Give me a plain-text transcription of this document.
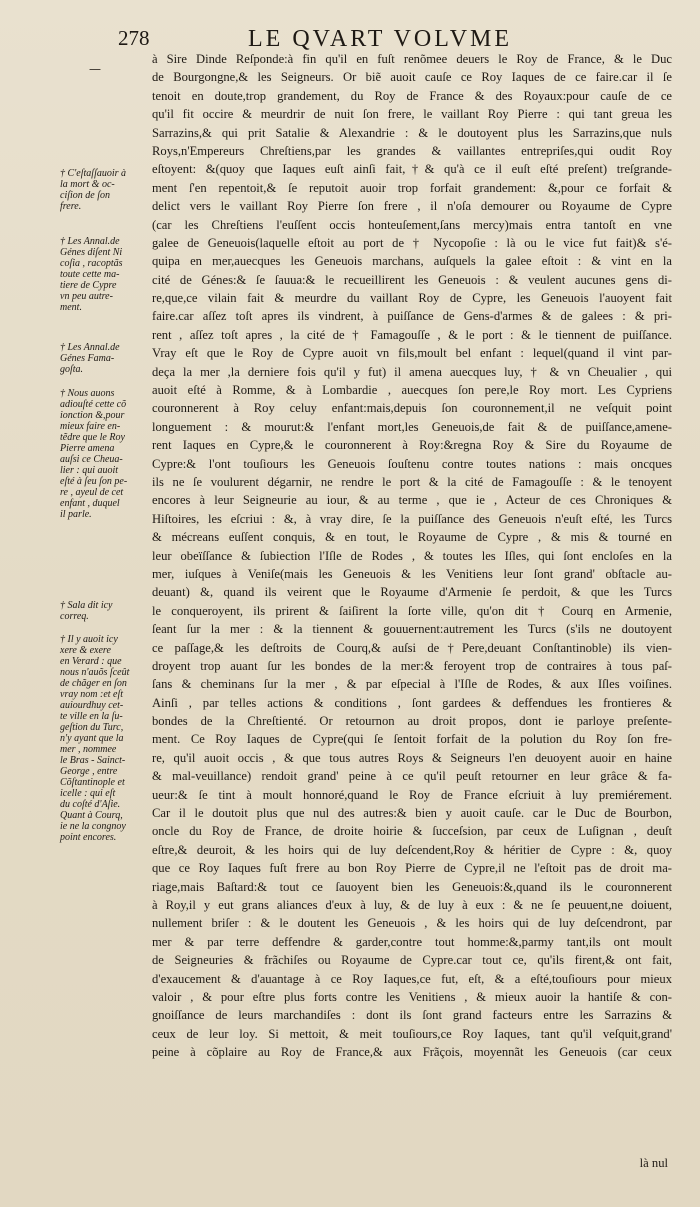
278	LE QVART VOLVME
—
† C'eſtaſſauoir à
la mort & oc-
ciſion de ſon
frere.
† Les Annal.de
Génes diſent Ni
coſia , racoptãs
toute cette ma-
tiere de Cypre
vn peu autre-
ment.
† Les Annal.de
Génes Fama-
goſta.
† Nous auons
adiouſté cette cõ
ionction &,pour
mieux faire en-
tẽdre que le Roy
Pierre amena
auſsi ce Cheua-
lier : qui auoit
eſté à ſeu ſon pe-
re , ayeul de cet
enfant , duquel
il parle.
† Sala dit icy
correq.
† Il y auoit icy
xere & exere
en Verard : que
nous n'auõs ſceût
de chãger en ſon
vray nom :et eſt
auiourdhuy cet-
te ville en la ſu-
geſtion du Turc,
n'y ayant que la
mer , nommee
le Bras - Sainct-
George , entre
Cõſtantinople et
icelle : qui eſt
du coſté d'Aſie.
Quant à Courq,
ie ne la congnoy
point encores.
à Sire Dinde Reſponde:à fin qu'il en fuſt renõmee deuers le Roy de France, & le Duc
de Bourgongne,& les Seigneurs. Or biẽ auoit cauſe ce Roy Iaques de ce faire.car il ſe
tenoit en doute,trop grandement, du Roy de France & des Royaux:pour cauſe de ce
qu'il fit occire & meurdrir de nuit ſon frere, le vaillant Roy Pierre : qui tant greua les
Sarrazins,& qui prit Satalie & Alexandrie : & le doutoyent plus les Sarrazins,que nuls
Roys,n'Empereurs Chreſtiens,par les grandes & vaillantes entrepriſes,qui oudit Roy
eſtoyent: &(quoy que Iaques euſt ainſi fait,†& qu'à ce il euſt eſté preſent) treſgrande-
ment ſ'en repentoit,& ſe reputoit auoir trop forfait grandement: &,pour ce forfait &
delict vers le vaillant Roy Pierre ſon frere , il n'oſa demourer ou Royaume de Cypre
(car les Chreſtiens l'euſſent occis honteuſement,ſans mercy)mais entra tantoſt en vne
galee de Geneuois(laquelle eſtoit au port de † Nycopoſie : là ou le vice fut fait)& s'é-
quipa en mer,auecques les Geneuois marchans, auſquels la galee eſtoit : & vint en la
cité de Génes:& ſe ſauua:& le recueillirent les Geneuois : & veulent aucunes gens di-
re,que,ce vilain fait & meurdre du vaillant Roy de Cypre, les Geneuois l'auoyent fait
faire.car aſſez toſt apres ils vindrent, à puiſſance de Gens-d'armes & de galees : & pri-
rent , aſſez toſt apres , la cité de † Famagouſſe , & le port : & le tiennent de puiſſance.
Vray eſt que le Roy de Cypre auoit vn fils,moult bel enfant : lequel(quand il vint par-
deça la mer ,la derniere fois qu'il y fut) il amena auecques luy, † & vn Cheualier , qui
auoit eſté à Romme, & à Lombardie , auecques ſon pere,le Roy mort. Les Cypriens
couronnerent à Roy celuy enfant:mais,depuis ſon couronnement,il ne veſquit point
longuement : & mourut:& l'enfant mort,les Geneuois,de fait & de puiſſance,amene-
rent Iaques en Cypre,& le couronnerent à Roy:&regna Roy & Sire du Royaume de
Cypre:& l'ont touſiours les Geneuois ſouſtenu contre toutes nations : mais oncques
ils ne ſe voulurent dégarnir, ne rendre le port & la cité de Famagouſſe : & le tenoyent
encores à leur Seigneurie au iour, & au terme , que ie , Acteur de ces Chroniques &
Hiſtoires, les eſcriui : &, à vray dire, ſe la puiſſance des Geneuois n'euſt eſté, les Turcs
& mécreans euſſent conquis, & en tout, le Royaume de Cypre , & mis & tourné en
leur obeïſſance & ſubiection l'Iſle de Rodes , & toutes les Iſles, qui ſont encloſes en la
mer, iuſques à Veniſe(mais les Geneuois & les Venitiens leur ſont grand' obſtacle au-
deuant) &, quand ils veirent que le Royaume d'Armenie ſe perdoit, & que les Turcs
le conqueroyent, ils prirent & ſaiſirent la ſorte ville, qu'on dit † Courq en Armenie,
ſeant ſur la mer : & la tiennent & gouuernent:autrement les Turcs (s'ils ne doutoyent
ce paſſage,& les deſtroits de Courq,& auſsi de†Pere,deuant Conſtantinoble) ils vien-
droyent trop auant ſur les bondes de la mer:& feroyent trop de contraires à tous paſ-
ſans & cheminans ſur la mer , & par eſpecial à l'Iſle de Rodes, & aux Iſles voiſines.
Ainſi , par telles actions & conditions , ſont gardees & deffendues les frontieres &
bondes de la Chreſtienté. Or retournon au droit propos, dont ie parloye preſente-
ment. Ce Roy Iaques de Cypre(qui ſe ſentoit forfait de la polution du Roy ſon fre-
re, qu'il auoit occis , & que tous autres Roys & Seigneurs l'en deuoyent auoir en haine
& mal-veuillance) rendoit grand' peine à ce qu'il peuſt retourner en leur grâce & fa-
ueur:& ſe tint à moult honnoré,quand le Roy de France eſcriuit à luy premiérement.
Car il le doutoit plus que nul des autres:& bien y auoit cauſe. car le Duc de Bourbon,
oncle du Roy de France, de droite hoirie & ſucceſsion, par ceux de Luſignan , deuſt
eſtre,& deuroit, & les hoirs qui de luy deſcendent,Roy & héritier de Cypre : &, quoy
que ce Roy Iaques fuſt frere au bon Roy Pierre de Cypre,il ne l'eſtoit pas de droit ma-
riage,mais Baſtard:& tout ce ſauoyent bien les Geneuois:&,quand ils le couronnerent
à Roy,il y eut grans aliances d'eux à luy, & de luy à eux : & ne ſe peuuent,ne doiuent,
nullement briſer : & le doutent les Geneuois , & les hoirs qui de luy deſcendront, par
mer & par terre deffendre & garder,contre tout homme:&,parmy tant,ils ont moult
de Seigneuries & frãchiſes ou Royaume de Cypre.car tout ce, qu'ils firent,& ont fait,
d'exaucement & d'auantage à ce Roy Iaques,ce fut, eſt, & a eſté,touſiours pour mieux
valoir , & pour eſtre plus forts contre les Venitiens , & mieux auoir la hantiſe & con-
gnoiſſance de leurs marchandiſes : dont ils ſont grand facteurs entre les Sarrazins &
ceux de leur loy. Si mettoit, & meit touſiours,ce Roy Iaques, tant qu'il veſquit,grand'
peine à cõplaire au Roy de France,& aux Frãçois, moyennãt les Geneuois (car ceux
là nul
